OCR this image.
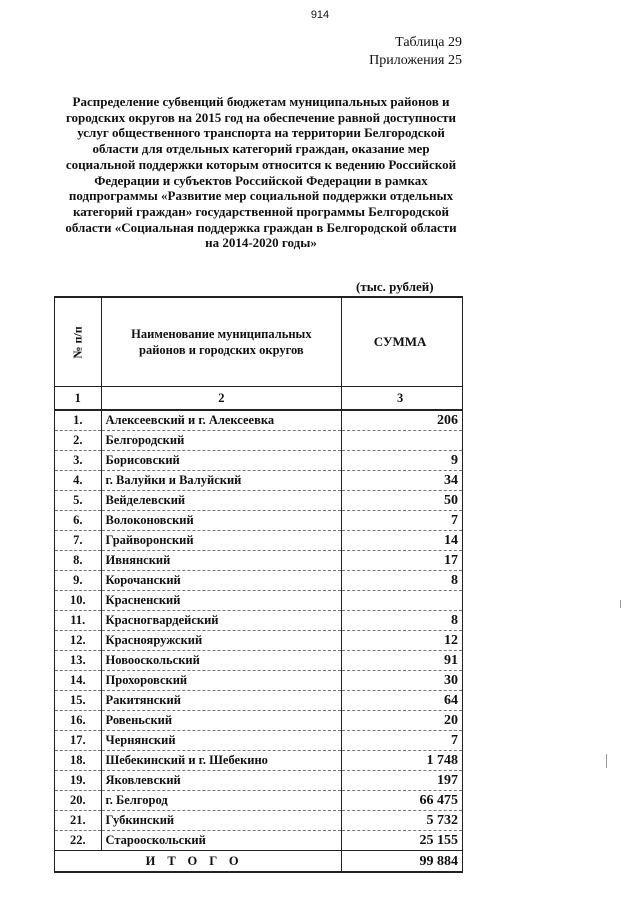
914
Таблица 29
Приложения 25
Распределение субвенций бюджетам муниципальных районов и
городских округов на 2015 год на обеспечение равной доступности
услуг общественного транспорта на территории Белгородской
области для отдельных категорий граждан, оказание мер
социальной поддержки которым относится к ведению Российской
Федерации и субъектов Российской Федерации в рамках
подпрограммы «Развитие мер социальной поддержки отдельных
категорий граждан» государственной программы Белгородской
области «Социальная поддержка граждан в Белгородской области
на 2014-2020 годы»
(тыс. рублей)
№ п/п	Наименование муниципальных районов и городских округов	СУММА
1	2	3
1.	Алексеевский и г. Алексеевка	206
2.	Белгородский	
3.	Борисовский	9
4.	г. Валуйки и Валуйский	34
5.	Вейделевский	50
6.	Волоконовский	7
7.	Грайворонский	14
8.	Ивнянский	17
9.	Корочанский	8
10.	Красненский	
11.	Красногвардейский	8
12.	Краснояружский	12
13.	Новооскольский	91
14.	Прохоровский	30
15.	Ракитянский	64
16.	Ровеньский	20
17.	Чернянский	7
18.	Шебекинский и г. Шебекино	1 748
19.	Яковлевский	197
20.	г. Белгород	66 475
21.	Губкинский	5 732
22.	Старооскольский	25 155
ИТОГО		99 884
